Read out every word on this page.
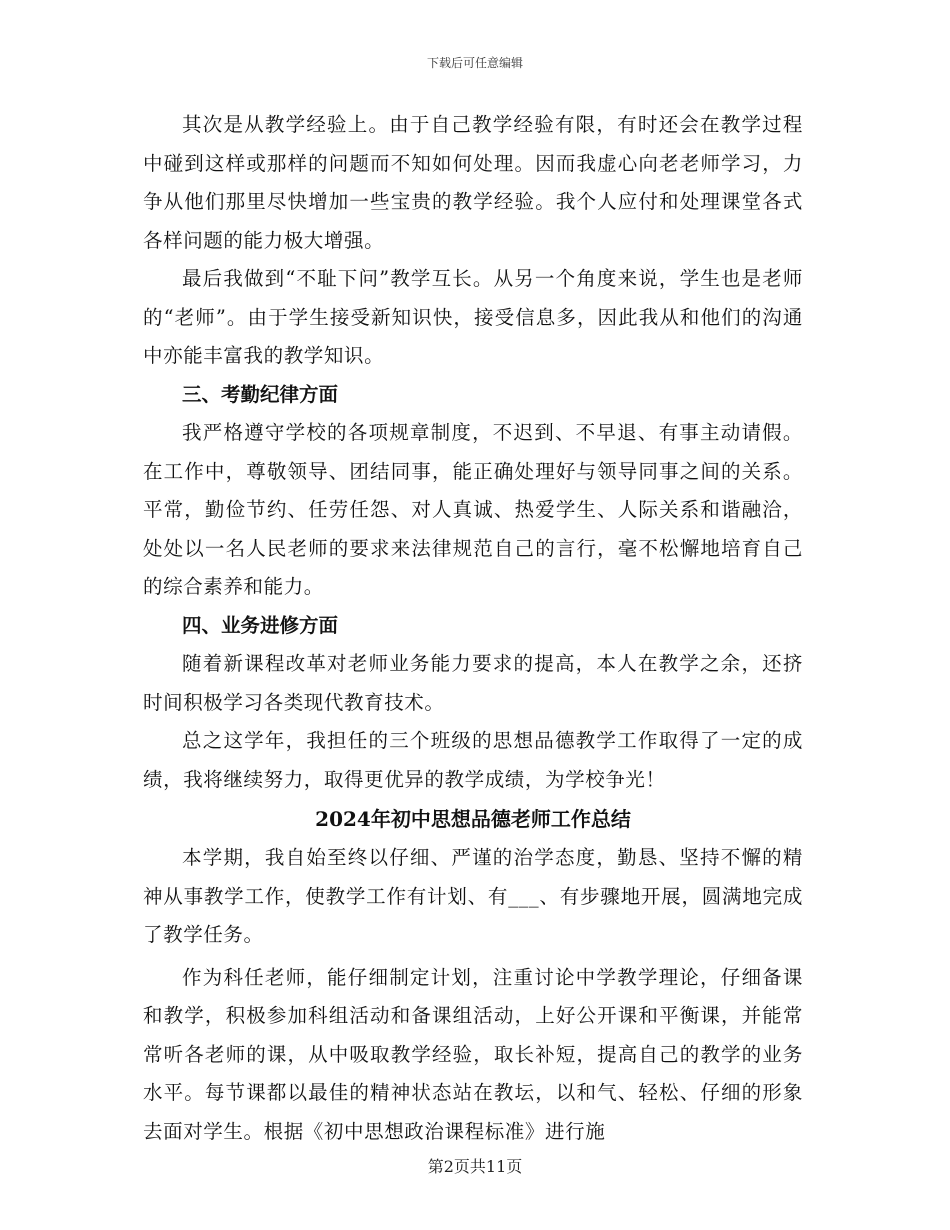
下载后可任意编辑

其次是从教学经验上。由于自己教学经验有限，有时还会在教学过程中碰到这样或那样的问题而不知如何处理。因而我虚心向老老师学习，力争从他们那里尽快增加一些宝贵的教学经验。我个人应付和处理课堂各式各样问题的能力极大增强。

最后我做到“不耻下问”教学互长。从另一个角度来说，学生也是老师的“老师”。由于学生接受新知识快，接受信息多，因此我从和他们的沟通中亦能丰富我的教学知识。

三、考勤纪律方面

我严格遵守学校的各项规章制度，不迟到、不早退、有事主动请假。在工作中，尊敬领导、团结同事，能正确处理好与领导同事之间的关系。平常，勤俭节约、任劳任怨、对人真诚、热爱学生、人际关系和谐融洽，处处以一名人民老师的要求来法律规范自己的言行，毫不松懈地培育自己的综合素养和能力。

四、业务进修方面

随着新课程改革对老师业务能力要求的提高，本人在教学之余，还挤时间积极学习各类现代教育技术。

总之这学年，我担任的三个班级的思想品德教学工作取得了一定的成绩，我将继续努力，取得更优异的教学成绩，为学校争光！

2024年初中思想品德老师工作总结

本学期，我自始至终以仔细、严谨的治学态度，勤恳、坚持不懈的精神从事教学工作，使教学工作有计划、有___、有步骤地开展，圆满地完成了教学任务。

作为科任老师，能仔细制定计划，注重讨论中学教学理论，仔细备课和教学，积极参加科组活动和备课组活动，上好公开课和平衡课，并能常常听各老师的课，从中吸取教学经验，取长补短，提高自己的教学的业务水平。每节课都以最佳的精神状态站在教坛，以和气、轻松、仔细的形象去面对学生。根据《初中思想政治课程标准》进行施

第2页共11页
